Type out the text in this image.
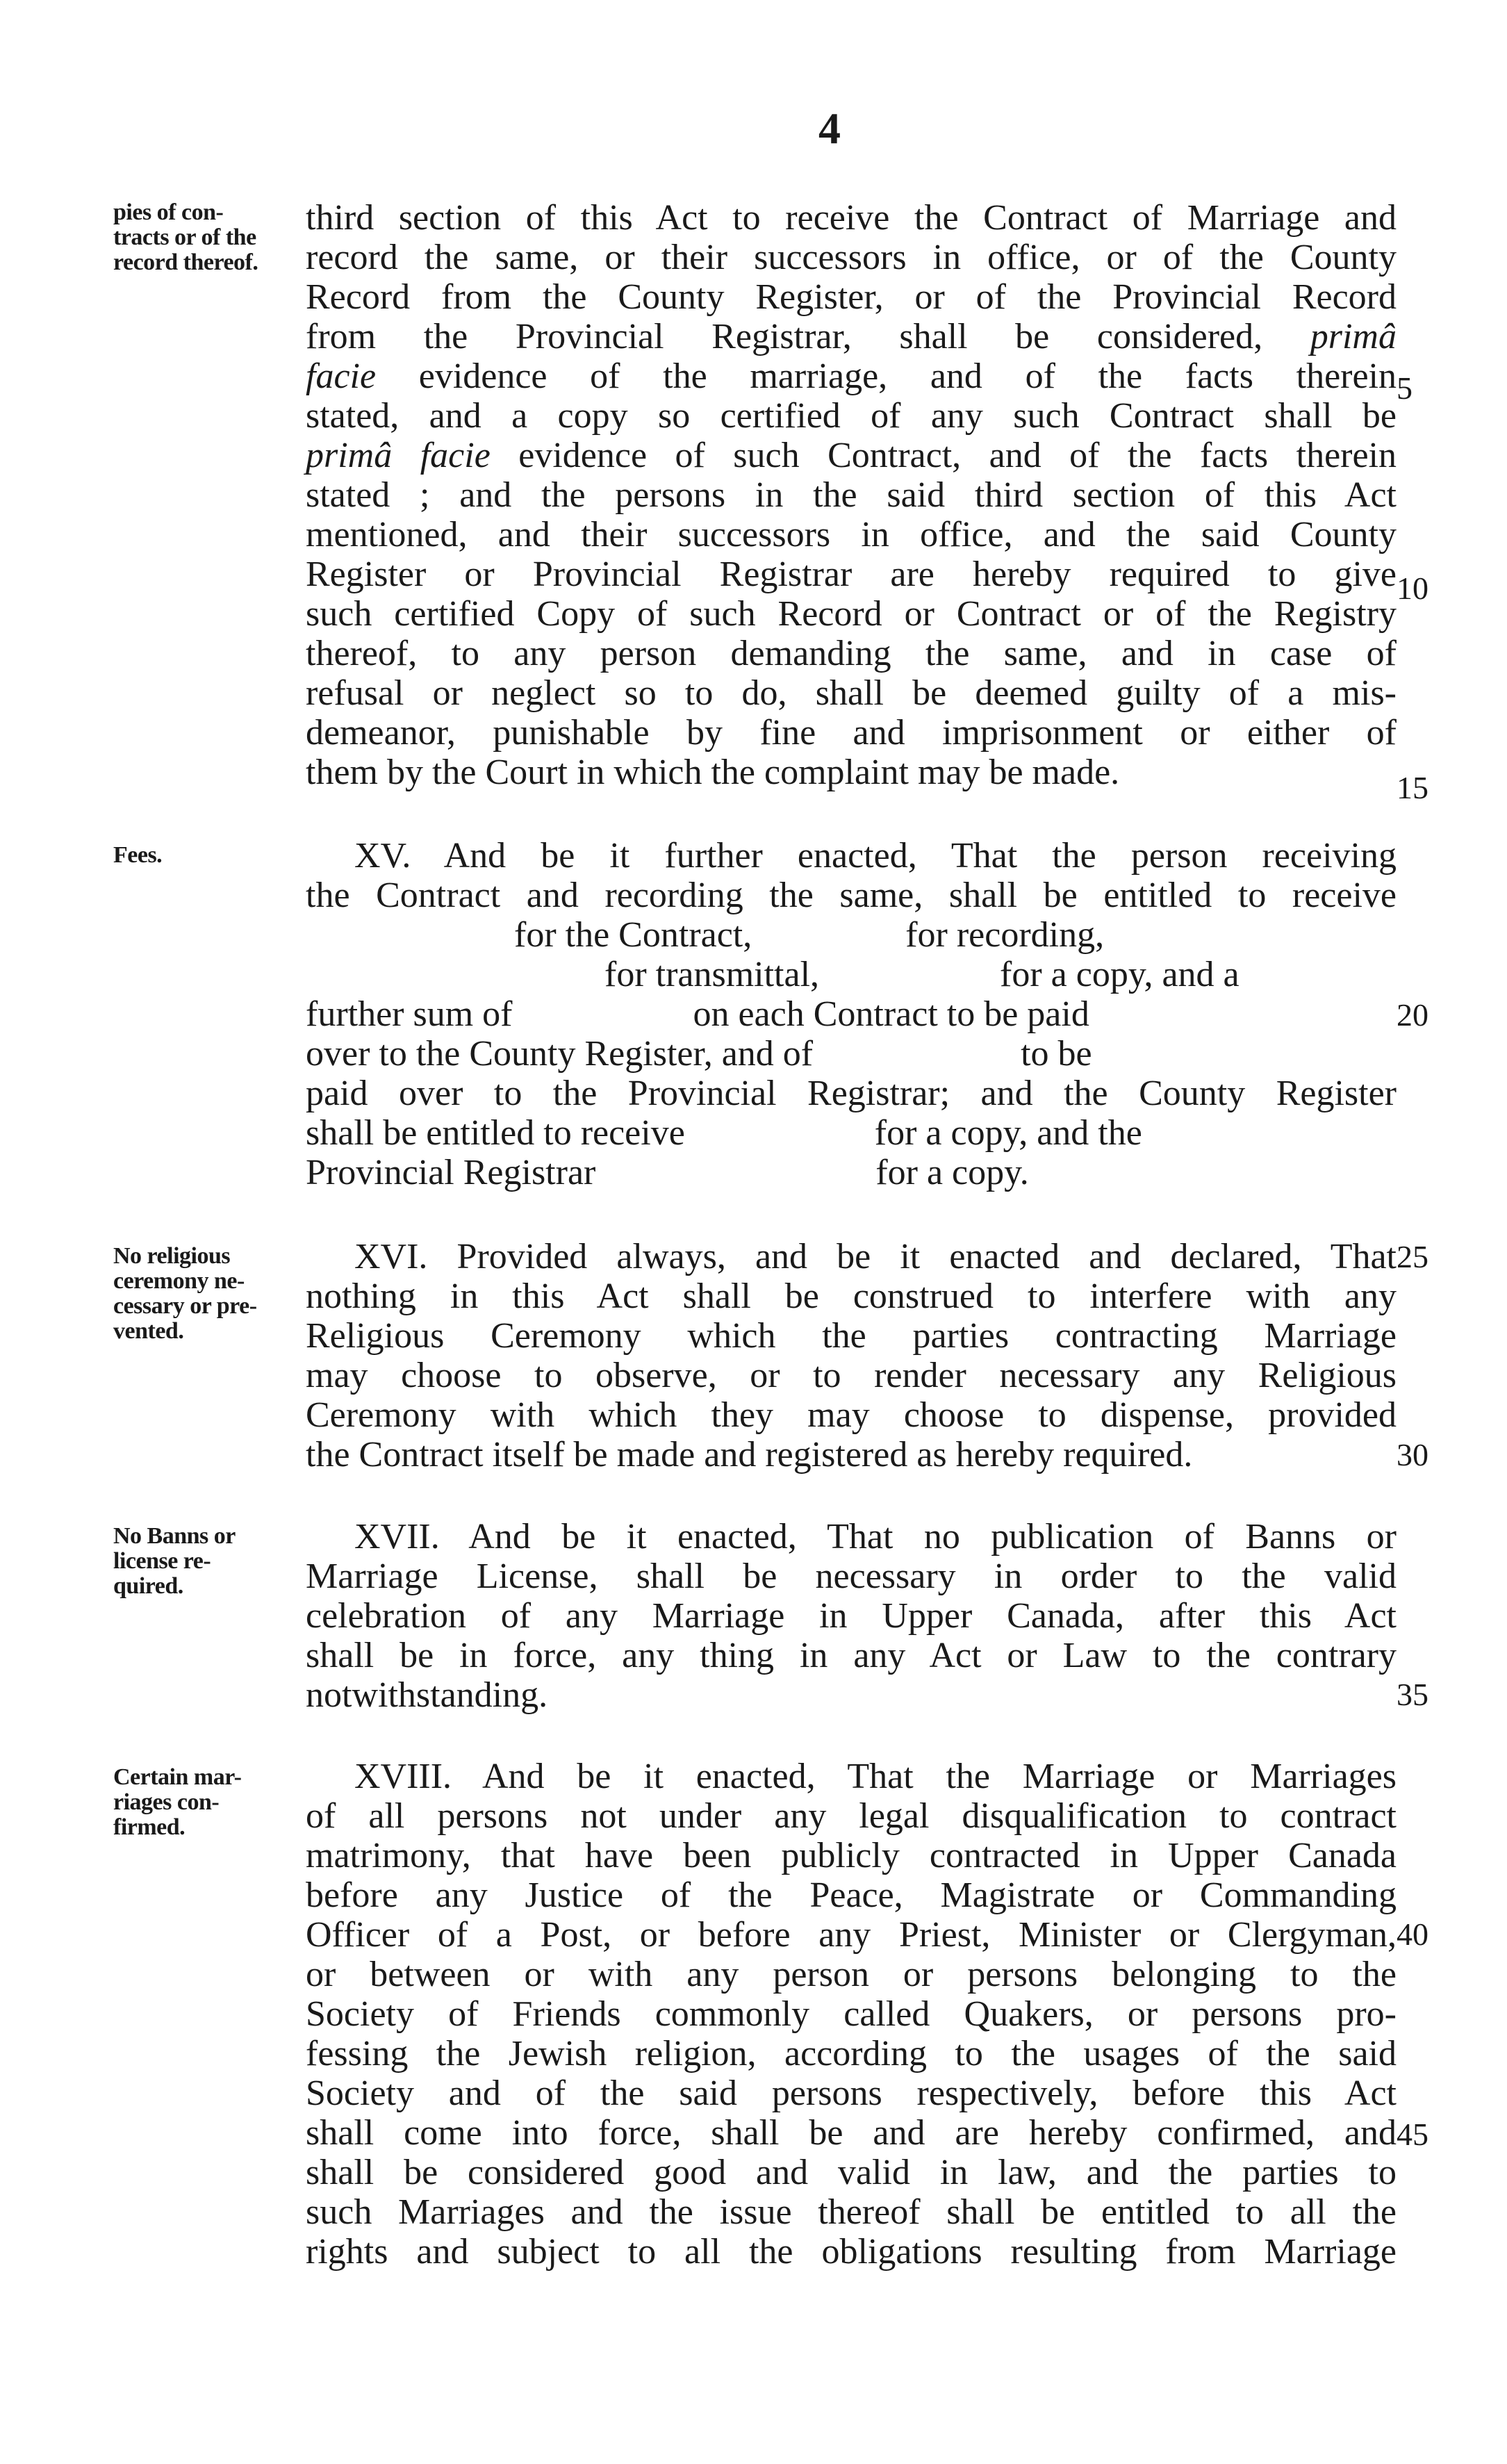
4
pies of con-
tracts or of the
record thereof.
Fees.
No religious
ceremony ne-
cessary or pre-
vented.
No Banns or
license re-
quired.
Certain mar-
riages con-
firmed.
third section of this Act to receive the Contract of Marriage and
record the same, or their successors in office, or of the County
Record from the County Register, or of the Provincial Record
from the Provincial Registrar, shall be considered, primâ
facie evidence of the marriage, and of the facts therein
stated, and a copy so certified of any such Contract shall be
primâ facie evidence of such Contract, and of the facts therein
stated ; and the persons in the said third section of this Act
mentioned, and their successors in office, and the said County
Register or Provincial Registrar are hereby required to give
such certified Copy of such Record or Contract or of the Registry
thereof, to any person demanding the same, and in case of
refusal or neglect so to do, shall be deemed guilty of a mis-
demeanor, punishable by fine and imprisonment or either of
them by the Court in which the complaint may be made.
XV. And be it further enacted, That the person receiving
the Contract and recording the same, shall be entitled to receive
for the Contract,                 for recording,
for transmittal,                    for a copy, and a
further sum of                    on each Contract to be paid
over to the County Register, and of                       to be
paid over to the Provincial Registrar; and the County Register
shall be entitled to receive                     for a copy, and the
Provincial Registrar                               for a copy.
XVI. Provided always, and be it enacted and declared, That
nothing in this Act shall be construed to interfere with any
Religious Ceremony which the parties contracting Marriage
may choose to observe, or to render necessary any Religious
Ceremony with which they may choose to dispense, provided
the Contract itself be made and registered as hereby required.
XVII. And be it enacted, That no publication of Banns or
Marriage License, shall be necessary in order to the valid
celebration of any Marriage in Upper Canada, after this Act
shall be in force, any thing in any Act or Law to the contrary
notwithstanding.
XVIII. And be it enacted, That the Marriage or Marriages
of all persons not under any legal disqualification to contract
matrimony, that have been publicly contracted in Upper Canada
before any Justice of the Peace, Magistrate or Commanding
Officer of a Post, or before any Priest, Minister or Clergyman,
or between or with any person or persons belonging to the
Society of Friends commonly called Quakers, or persons pro-
fessing the Jewish religion, according to the usages of the said
Society and of the said persons respectively, before this Act
shall come into force, shall be and are hereby confirmed, and
shall be considered good and valid in law, and the parties to
such Marriages and the issue thereof shall be entitled to all the
rights and subject to all the obligations resulting from Marriage
5
10
15
20
25
30
35
40
45
